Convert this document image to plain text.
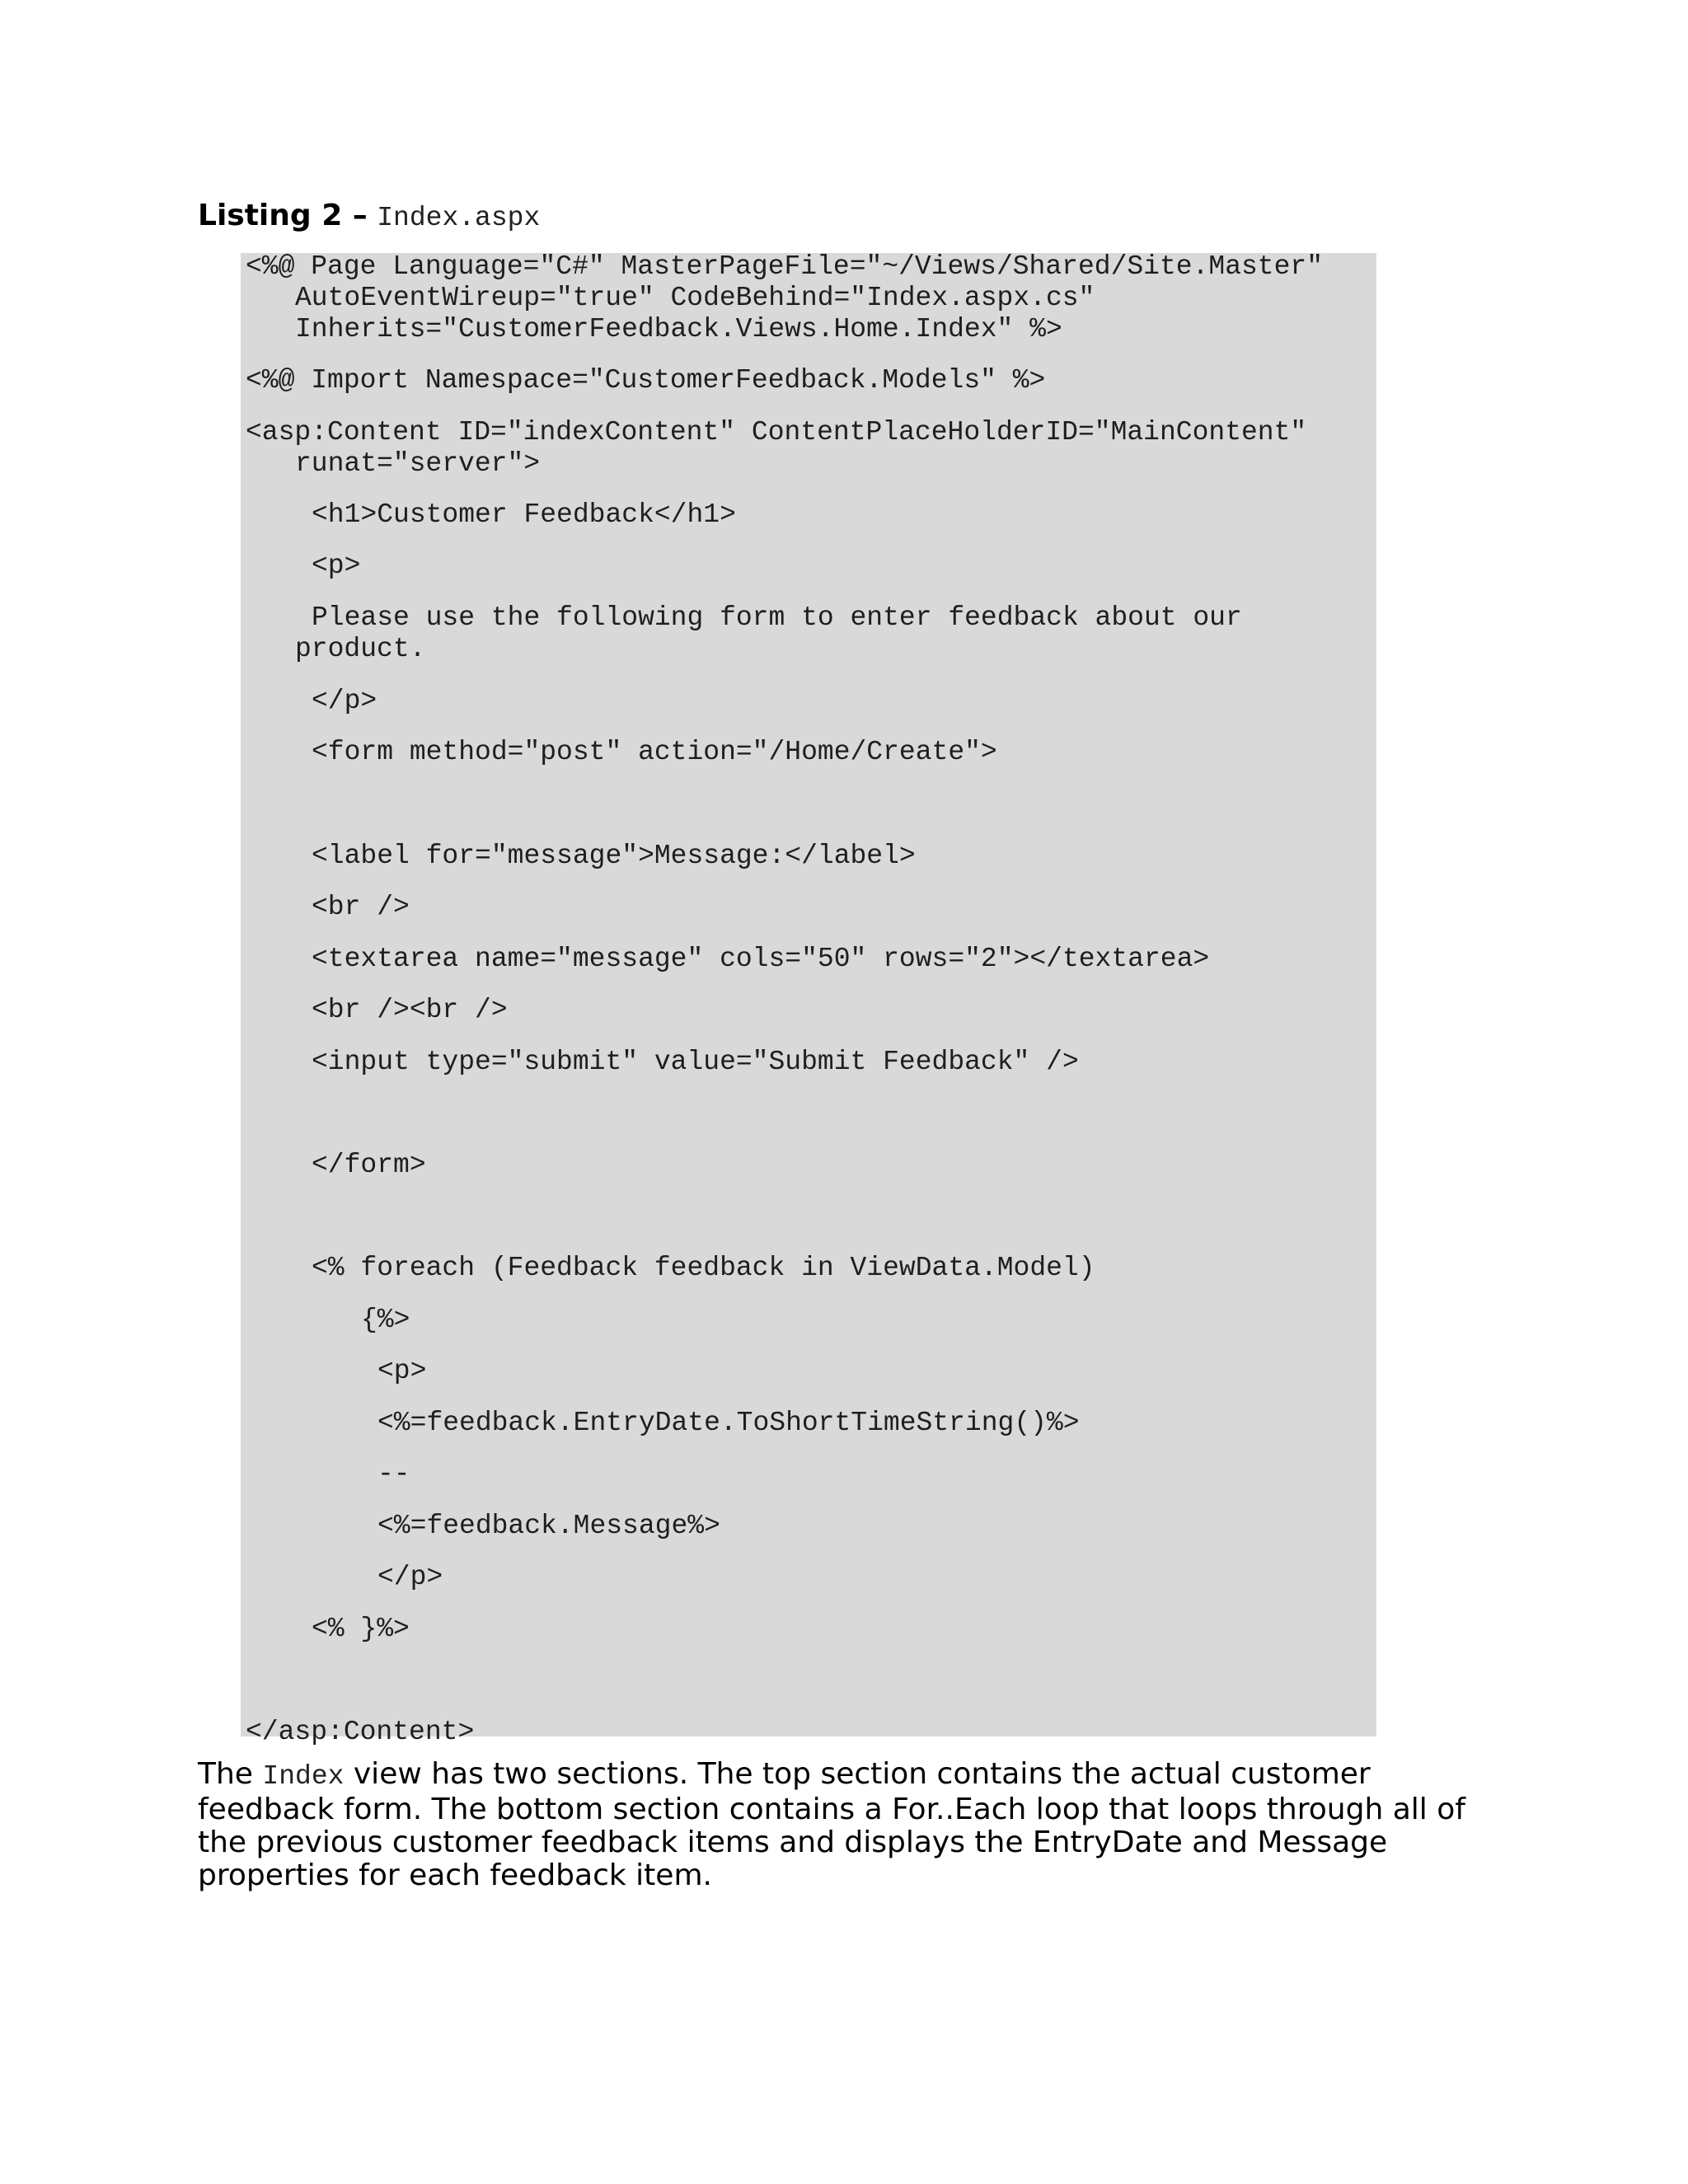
Listing 2 – Index.aspx
<%@ Page Language="C#" MasterPageFile="~/Views/Shared/Site.Master"
AutoEventWireup="true" CodeBehind="Index.aspx.cs"
Inherits="CustomerFeedback.Views.Home.Index" %>
<%@ Import Namespace="CustomerFeedback.Models" %>
<asp:Content ID="indexContent" ContentPlaceHolderID="MainContent"
runat="server">
<h1>Customer Feedback</h1>
<p>
Please use the following form to enter feedback about our
product.
</p>
<form method="post" action="/Home/Create">
<label for="message">Message:</label>
<br />
<textarea name="message" cols="50" rows="2"></textarea>
<br /><br />
<input type="submit" value="Submit Feedback" />
</form>
<% foreach (Feedback feedback in ViewData.Model)
{%>
<p>
<%=feedback.EntryDate.ToShortTimeString()%>
--
<%=feedback.Message%>
</p>
<% }%>
</asp:Content>

The Index view has two sections. The top section contains the actual customer feedback form. The bottom section contains a For..Each loop that loops through all of the previous customer feedback items and displays the EntryDate and Message properties for each feedback item.
